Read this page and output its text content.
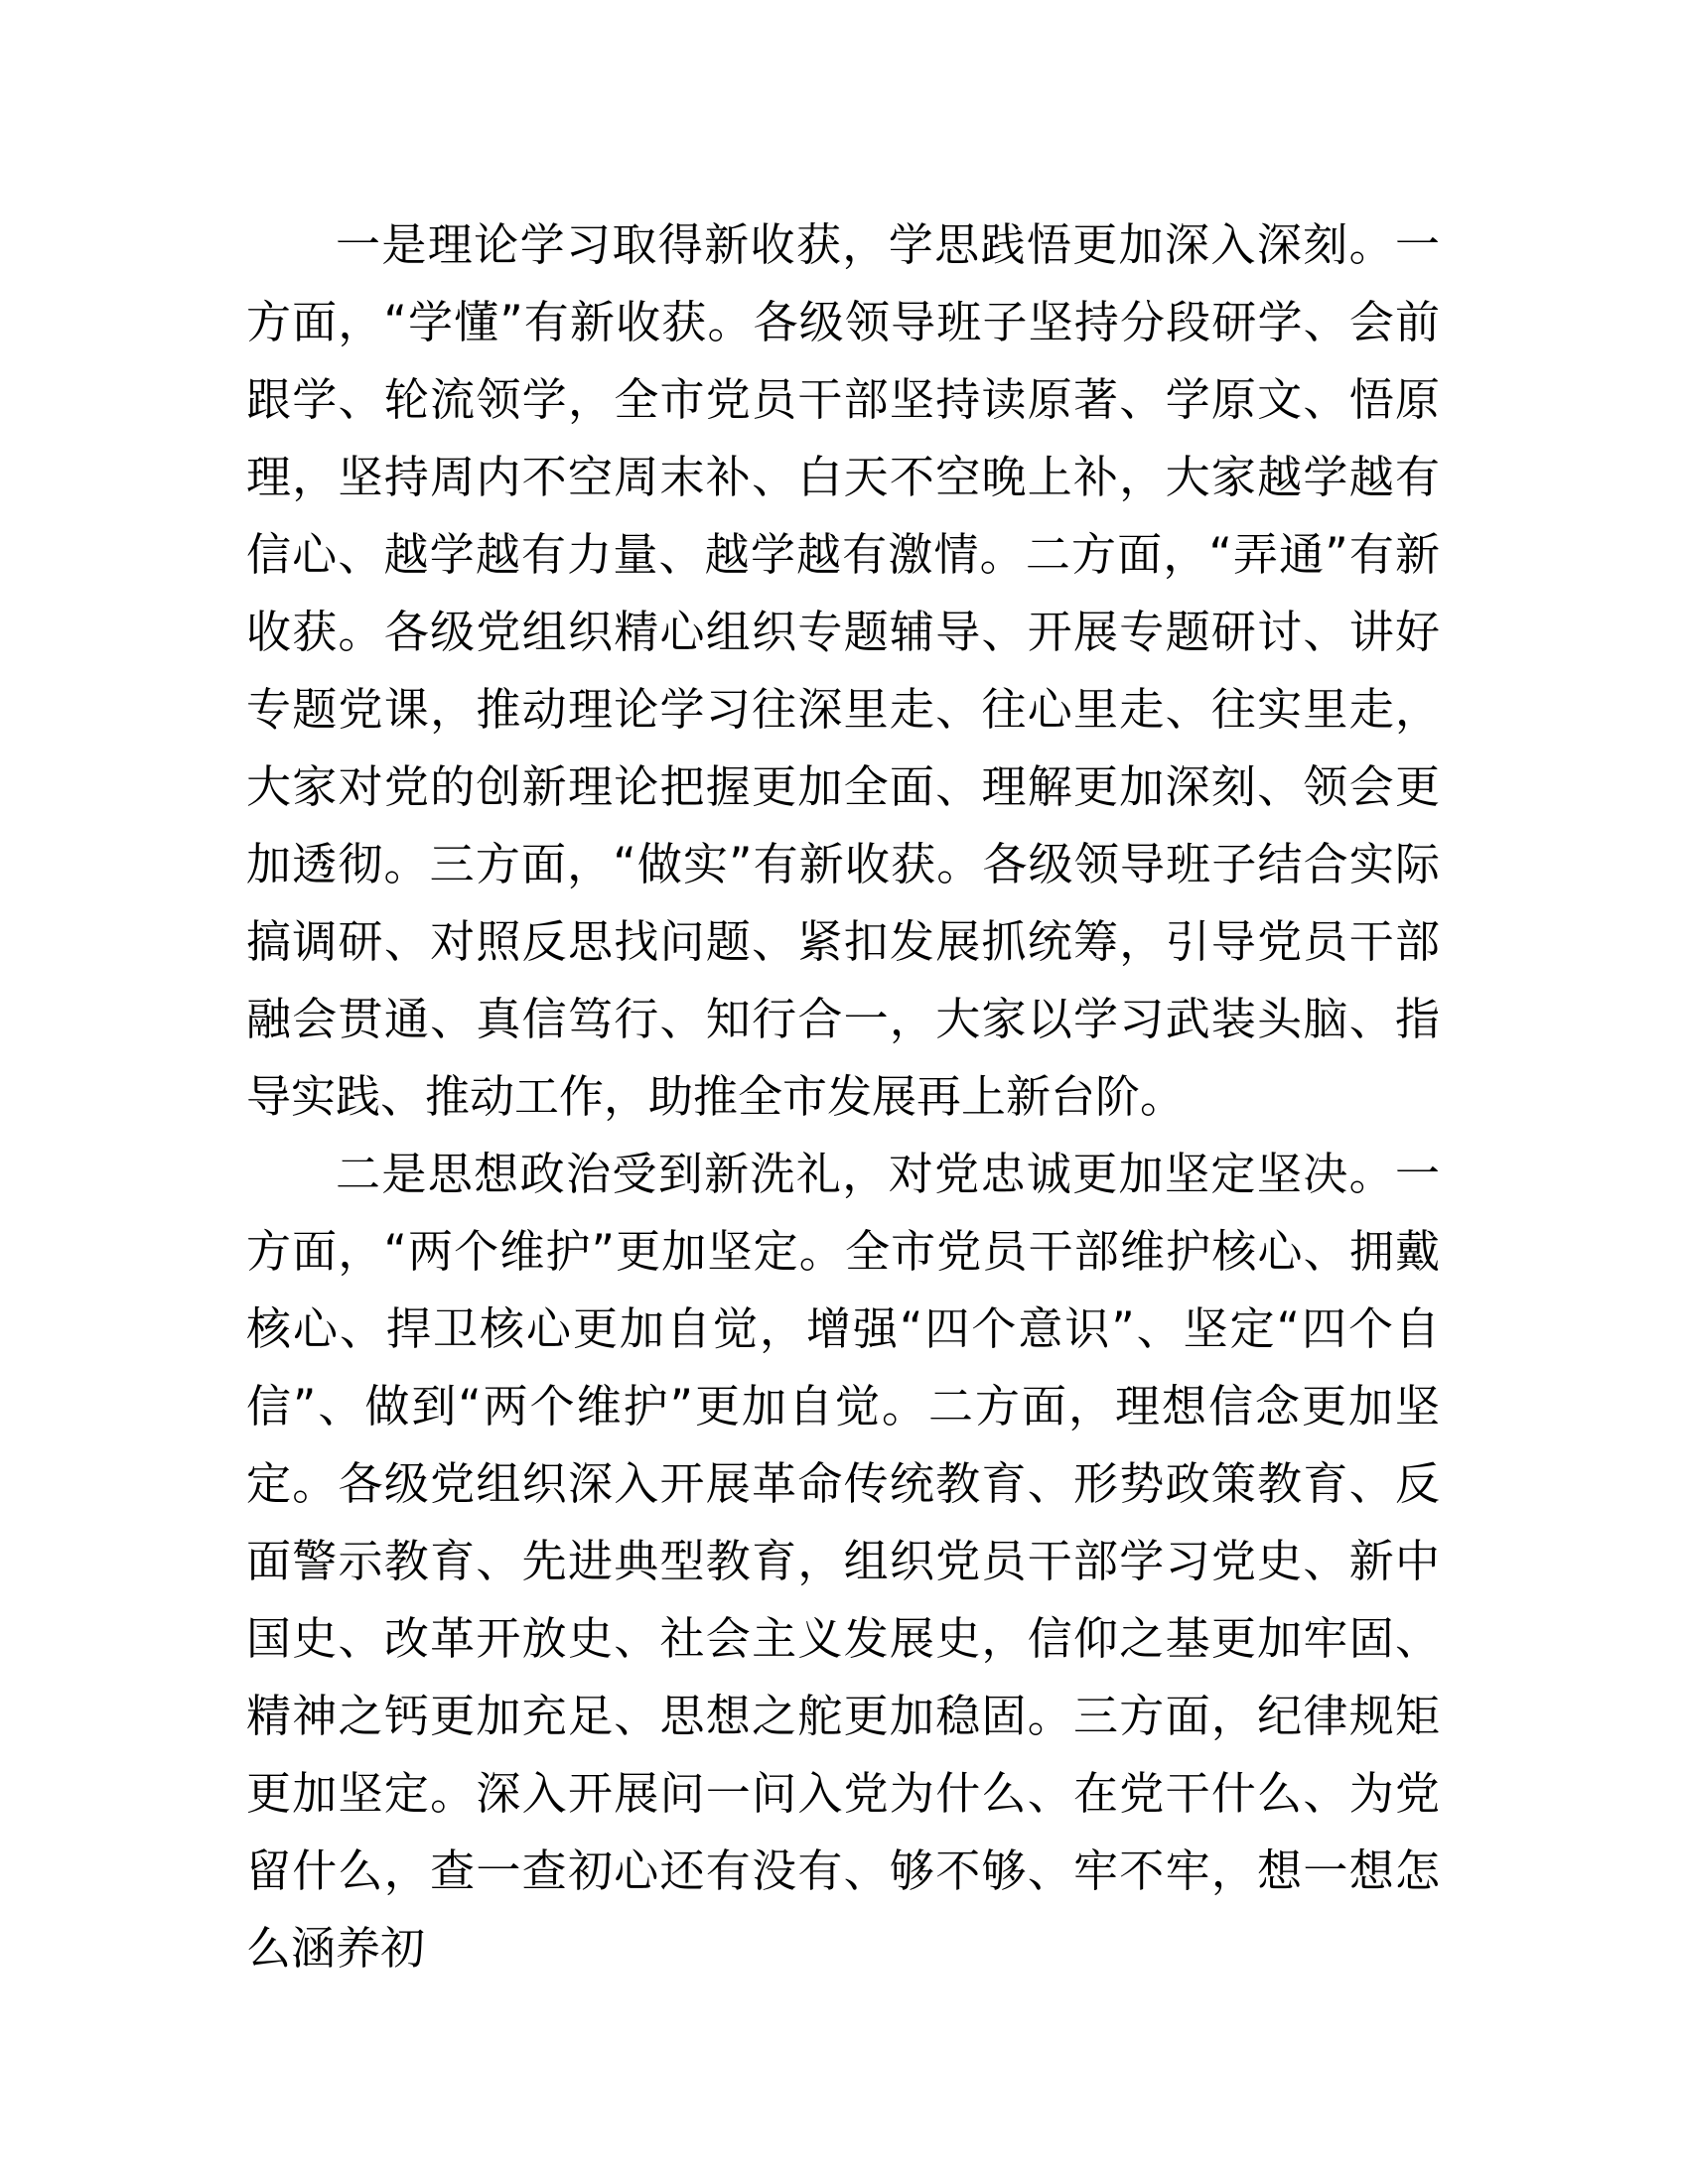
一是理论学习取得新收获，学思践悟更加深入深刻。一方面，“学懂”有新收获。各级领导班子坚持分段研学、会前跟学、轮流领学，全市党员干部坚持读原著、学原文、悟原理，坚持周内不空周末补、白天不空晚上补，大家越学越有信心、越学越有力量、越学越有激情。二方面，“弄通”有新收获。各级党组织精心组织专题辅导、开展专题研讨、讲好专题党课，推动理论学习往深里走、往心里走、往实里走，大家对党的创新理论把握更加全面、理解更加深刻、领会更加透彻。三方面，“做实”有新收获。各级领导班子结合实际搞调研、对照反思找问题、紧扣发展抓统筹，引导党员干部融会贯通、真信笃行、知行合一，大家以学习武装头脑、指导实践、推动工作，助推全市发展再上新台阶。

二是思想政治受到新洗礼，对党忠诚更加坚定坚决。一方面，“两个维护”更加坚定。全市党员干部维护核心、拥戴核心、捍卫核心更加自觉，增强“四个意识”、坚定“四个自信”、做到“两个维护”更加自觉。二方面，理想信念更加坚定。各级党组织深入开展革命传统教育、形势政策教育、反面警示教育、先进典型教育，组织党员干部学习党史、新中国史、改革开放史、社会主义发展史，信仰之基更加牢固、精神之钙更加充足、思想之舵更加稳固。三方面，纪律规矩更加坚定。深入开展问一问入党为什么、在党干什么、为党留什么，查一查初心还有没有、够不够、牢不牢，想一想怎么涵养初
